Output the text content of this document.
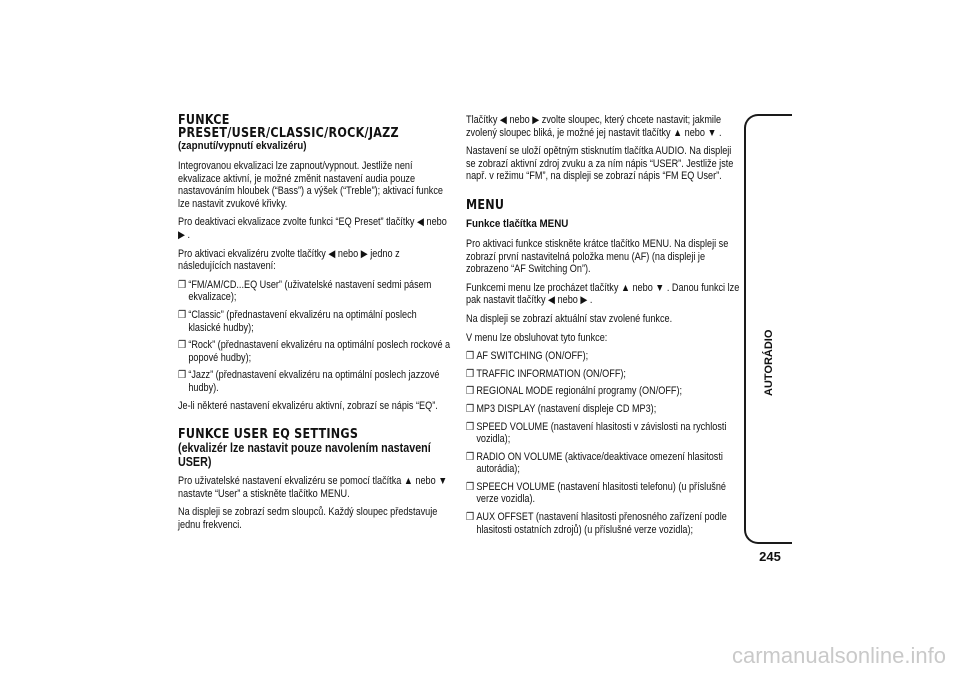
FUNKCE
PRESET/USER/CLASSIC/ROCK/JAZZ
(zapnutí/vypnutí ekvalizéru)

Integrovanou ekvalizaci lze zapnout/vypnout. Jestliže není ekvalizace aktivní, je možné změnit nastavení audia pouze nastavováním hloubek (“Bass”) a výšek (“Treble”); aktivací funkce lze nastavit zvukové křivky.

Pro deaktivaci ekvalizace zvolte funkci “EQ Preset” tlačítky ◀ nebo ▶ .

Pro aktivaci ekvalizéru zvolte tlačítky ◀ nebo ▶ jedno z následujících nastavení:

❒ “FM/AM/CD...EQ User” (uživatelské nastavení sedmi pásem ekvalizace);
❒ “Classic” (přednastavení ekvalizéru na optimální poslech klasické hudby);
❒ “Rock” (přednastavení ekvalizéru na optimální poslech rockové a popové hudby);
❒ “Jazz” (přednastavení ekvalizéru na optimální poslech jazzové hudby).

Je-li některé nastavení ekvalizéru aktivní, zobrazí se nápis “EQ”.

FUNKCE USER EQ SETTINGS
(ekvalizér lze nastavit pouze navolením nastavení
USER)

Pro uživatelské nastavení ekvalizéru se pomocí tlačítka ▲ nebo ▼ nastavte “User” a stiskněte tlačítko MENU.

Na displeji se zobrazí sedm sloupců. Každý sloupec představuje jednu frekvenci.

Tlačítky ◀ nebo ▶ zvolte sloupec, který chcete nastavit; jakmile zvolený sloupec bliká, je možné jej nastavit tlačítky ▲ nebo ▼ .

Nastavení se uloží opětným stisknutím tlačítka AUDIO. Na displeji se zobrazí aktivní zdroj zvuku a za ním nápis “USER”. Jestliže jste např. v režimu “FM”, na displeji se zobrazí nápis “FM EQ User”.

MENU
Funkce tlačítka MENU

Pro aktivaci funkce stiskněte krátce tlačítko MENU. Na displeji se zobrazí první nastavitelná položka menu (AF) (na displeji je zobrazeno “AF Switching On”).

Funkcemi menu lze procházet tlačítky ▲ nebo ▼ . Danou funkci lze pak nastavit tlačítky ◀ nebo ▶ .

Na displeji se zobrazí aktuální stav zvolené funkce.

V menu lze obsluhovat tyto funkce:

❒ AF SWITCHING (ON/OFF);
❒ TRAFFIC INFORMATION (ON/OFF);
❒ REGIONAL MODE regionální programy (ON/OFF);
❒ MP3 DISPLAY (nastavení displeje CD MP3);
❒ SPEED VOLUME (nastavení hlasitosti v závislosti na rychlosti vozidla);
❒ RADIO ON VOLUME (aktivace/deaktivace omezení hlasitosti autorádia);
❒ SPEECH VOLUME (nastavení hlasitosti telefonu) (u příslušné verze vozidla).
❒ AUX OFFSET (nastavení hlasitosti přenosného zařízení podle hlasitosti ostatních zdrojů) (u příslušné verze vozidla);
AUTORÁDIO
245
carmanualsonline.info
